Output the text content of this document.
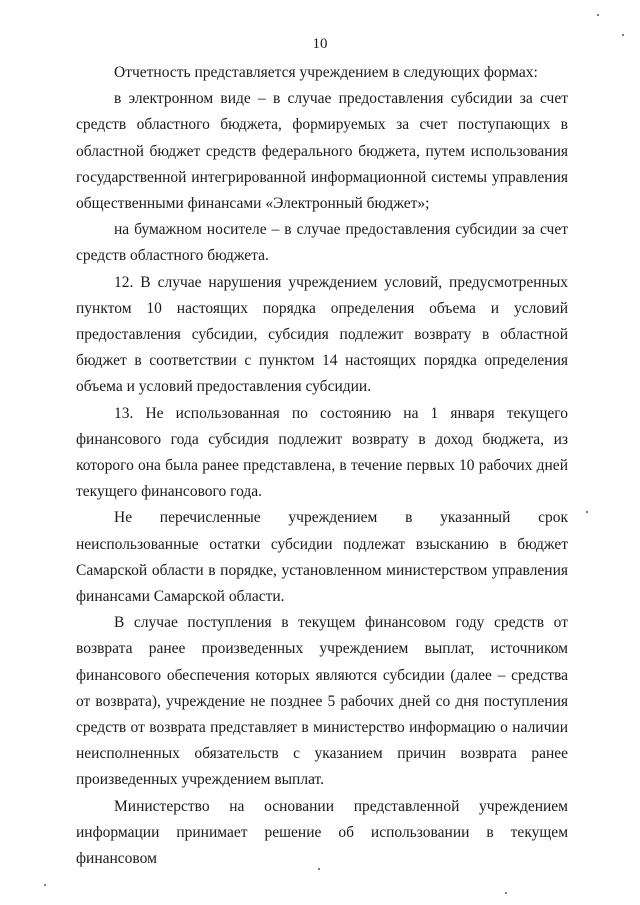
10

Отчетность представляется учреждением в следующих формах:

в электронном виде – в случае предоставления субсидии за счет средств областного бюджета, формируемых за счет поступающих в областной бюджет средств федерального бюджета, путем использования государственной интегрированной информационной системы управления общественными финансами «Электронный бюджет»;

на бумажном носителе – в случае предоставления субсидии за счет средств областного бюджета.

12. В случае нарушения учреждением условий, предусмотренных пунктом 10 настоящих порядка определения объема и условий предоставления субсидии, субсидия подлежит возврату в областной бюджет в соответствии с пунктом 14 настоящих порядка определения объема и условий предоставления субсидии.

13. Не использованная по состоянию на 1 января текущего финансового года субсидия подлежит возврату в доход бюджета, из которого она была ранее представлена, в течение первых 10 рабочих дней текущего финансового года.

Не перечисленные учреждением в указанный срок неиспользованные остатки субсидии подлежат взысканию в бюджет Самарской области в порядке, установленном министерством управления финансами Самарской области.

В случае поступления в текущем финансовом году средств от возврата ранее произведенных учреждением выплат, источником финансового обеспечения которых являются субсидии (далее – средства от возврата), учреждение не позднее 5 рабочих дней со дня поступления средств от возврата представляет в министерство информацию о наличии неисполненных обязательств с указанием причин возврата ранее произведенных учреждением выплат.

Министерство на основании представленной учреждением информации принимает решение об использовании в текущем финансовом
